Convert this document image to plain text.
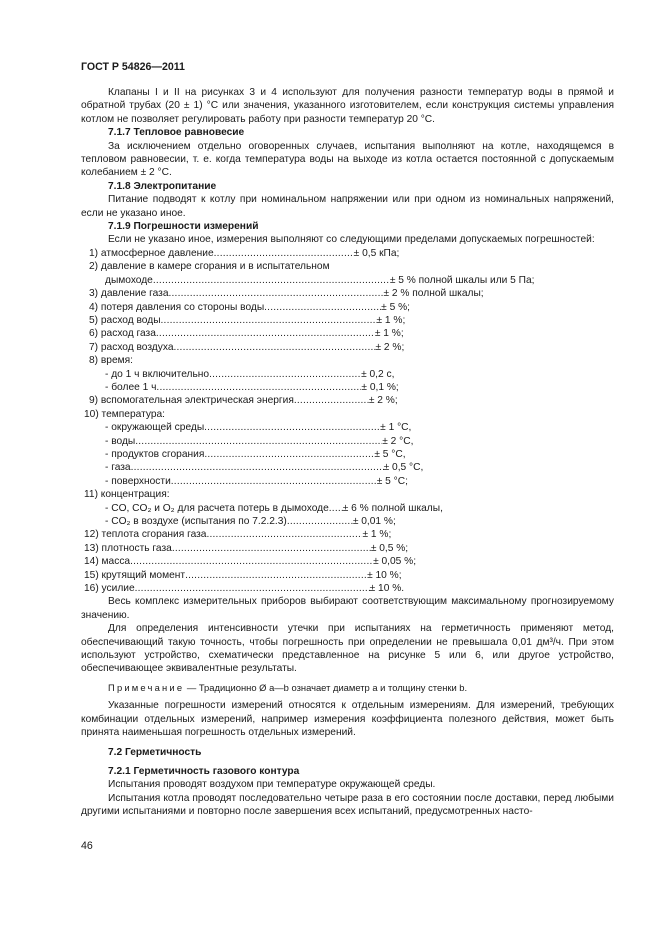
ГОСТ Р 54826—2011

Клапаны I и II на рисунках 3 и 4 используют для получения разности температур воды в прямой и обратной трубах (20 ± 1) °С или значения, указанного изготовителем, если конструкция системы управления котлом не позволяет регулировать работу при разности температур 20 °С.

7.1.7 Тепловое равновесие

За исключением отдельно оговоренных случаев, испытания выполняют на котле, находящемся в тепловом равновесии, т. е. когда температура воды на выходе из котла остается постоянной с допускаемым колебанием ± 2 °С.

7.1.8 Электропитание

Питание подводят к котлу при номинальном напряжении или при одном из номинальных напряжений, если не указано иное.

7.1.9 Погрешности измерений

Если не указано иное, измерения выполняют со следующими пределами допускаемых погрешностей:

1) атмосферное давление .....	± 0,5 кПа;
2) давление в камере сгорания и в испытательном
дымоходе .....	± 5 % полной шкалы или 5 Па;
3) давление газа .....	± 2 % полной шкалы;
4) потеря давления со стороны воды .....	± 5 %;
5) расход воды .....	± 1 %;
6) расход газа .....	± 1 %;
7) расход воздуха .....	± 2 %;
8) время:
- до 1 ч включительно .....	± 0,2 с,
- более 1 ч .....	± 0,1 %;
9) вспомогательная электрическая энергия .....	± 2 %;
10) температура:
- окружающей среды .....	± 1 °С,
- воды .....	± 2 °С,
- продуктов сгорания .....	± 5 °С,
- газа .....	± 0,5 °С,
- поверхности .....	± 5 °С;
11) концентрация:
- CO, CO₂ и O₂ для расчета потерь в дымоходе ..... ± 6 % полной шкалы,
- CO₂ в воздухе (испытания по 7.2.2.3) .....	± 0,01 %;
12) теплота сгорания газа .....	± 1 %;
13) плотность газа .....	± 0,5 %;
14) масса .....	± 0,05 %;
15) крутящий момент .....	± 10 %;
16) усилие .....	± 10 %.

Весь комплекс измерительных приборов выбирают соответствующим максимальному прогнозируемому значению.

Для определения интенсивности утечки при испытаниях на герметичность применяют метод, обеспечивающий такую точность, чтобы погрешность при определении не превышала 0,01 дм³/ч. При этом используют устройство, схематически представленное на рисунке 5 или 6, или другое устройство, обеспечивающее эквивалентные результаты.

Примечание — Традиционно Ø a—b означает диаметр a и толщину стенки b.

Указанные погрешности измерений относятся к отдельным измерениям. Для измерений, требующих комбинации отдельных измерений, например измерения коэффициента полезного действия, может быть принята наименьшая погрешность отдельных измерений.

7.2 Герметичность

7.2.1 Герметичность газового контура

Испытания проводят воздухом при температуре окружающей среды.

Испытания котла проводят последовательно четыре раза в его состоянии после доставки, перед любыми другими испытаниями и повторно после завершения всех испытаний, предусмотренных насто-

46
